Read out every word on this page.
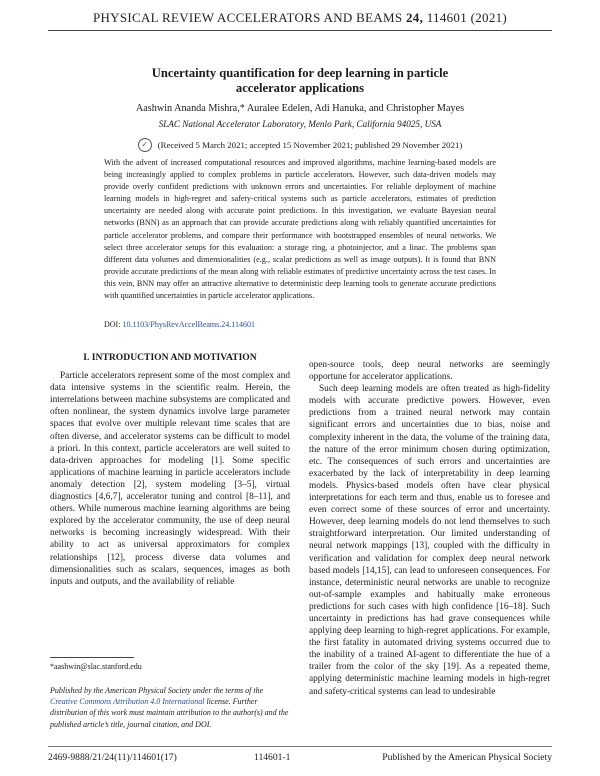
PHYSICAL REVIEW ACCELERATORS AND BEAMS 24, 114601 (2021)
Uncertainty quantification for deep learning in particle
accelerator applications
Aashwin Ananda Mishra,* Auralee Edelen, Adi Hanuka, and Christopher Mayes
SLAC National Accelerator Laboratory, Menlo Park, California 94025, USA
✓	(Received 5 March 2021; accepted 15 November 2021; published 29 November 2021)
With the advent of increased computational resources and improved algorithms, machine learning-based models are being increasingly applied to complex problems in particle accelerators. However, such data-driven models may provide overly confident predictions with unknown errors and uncertainties. For reliable deployment of machine learning models in high-regret and safety-critical systems such as particle accelerators, estimates of prediction uncertainty are needed along with accurate point predictions. In this investigation, we evaluate Bayesian neural networks (BNN) as an approach that can provide accurate predictions along with reliably quantified uncertainties for particle accelerator problems, and compare their performance with bootstrapped ensembles of neural networks. We select three accelerator setups for this evaluation: a storage ring, a photoinjector, and a linac. The problems span different data volumes and dimensionalities (e.g., scalar predictions as well as image outputs). It is found that BNN provide accurate predictions of the mean along with reliable estimates of predictive uncertainty across the test cases. In this vein, BNN may offer an attractive alternative to deterministic deep learning tools to generate accurate predictions with quantified uncertainties in particle accelerator applications.
DOI: 10.1103/PhysRevAccelBeams.24.114601
I. INTRODUCTION AND MOTIVATION

Particle accelerators represent some of the most complex and data intensive systems in the scientific realm. Herein, the interrelations between machine subsystems are complicated and often nonlinear, the system dynamics involve large parameter spaces that evolve over multiple relevant time scales that are often diverse, and accelerator systems can be difficult to model a priori. In this context, particle accelerators are well suited to data-driven approaches for modeling [1]. Some specific applications of machine learning in particle accelerators include anomaly detection [2], system modeling [3–5], virtual diagnostics [4,6,7], accelerator tuning and control [8–11], and others. While numerous machine learning algorithms are being explored by the accelerator community, the use of deep neural networks is becoming increasingly widespread. With their ability to act as universal approximators for complex relationships [12], process diverse data volumes and dimensionalities such as scalars, sequences, images as both inputs and outputs, and the availability of reliable

open-source tools, deep neural networks are seemingly opportune for accelerator applications.

Such deep learning models are often treated as high-fidelity models with accurate predictive powers. However, even predictions from a trained neural network may contain significant errors and uncertainties due to bias, noise and complexity inherent in the data, the volume of the training data, the nature of the error minimum chosen during optimization, etc. The consequences of such errors and uncertainties are exacerbated by the lack of interpretability in deep learning models. Physics-based models often have clear physical interpretations for each term and thus, enable us to foresee and even correct some of these sources of error and uncertainty. However, deep learning models do not lend themselves to such straightforward interpretation. Our limited understanding of neural network mappings [13], coupled with the difficulty in verification and validation for complex deep neural network based models [14,15], can lead to unforeseen consequences. For instance, deterministic neural networks are unable to recognize out-of-sample examples and habitually make erroneous predictions for such cases with high confidence [16–18]. Such uncertainty in predictions has had grave consequences while applying deep learning to high-regret applications. For example, the first fatality in automated driving systems occurred due to the inability of a trained AI-agent to differentiate the hue of a trailer from the color of the sky [19]. As a repeated theme, applying deterministic machine learning models in high-regret and safety-critical systems can lead to undesirable

*aashwin@slac.stanford.edu
Published by the American Physical Society under the terms of the Creative Commons Attribution 4.0 International license. Further distribution of this work must maintain attribution to the author(s) and the published article’s title, journal citation, and DOI.
2469-9888/21/24(11)/114601(17)	114601-1	Published by the American Physical Society
